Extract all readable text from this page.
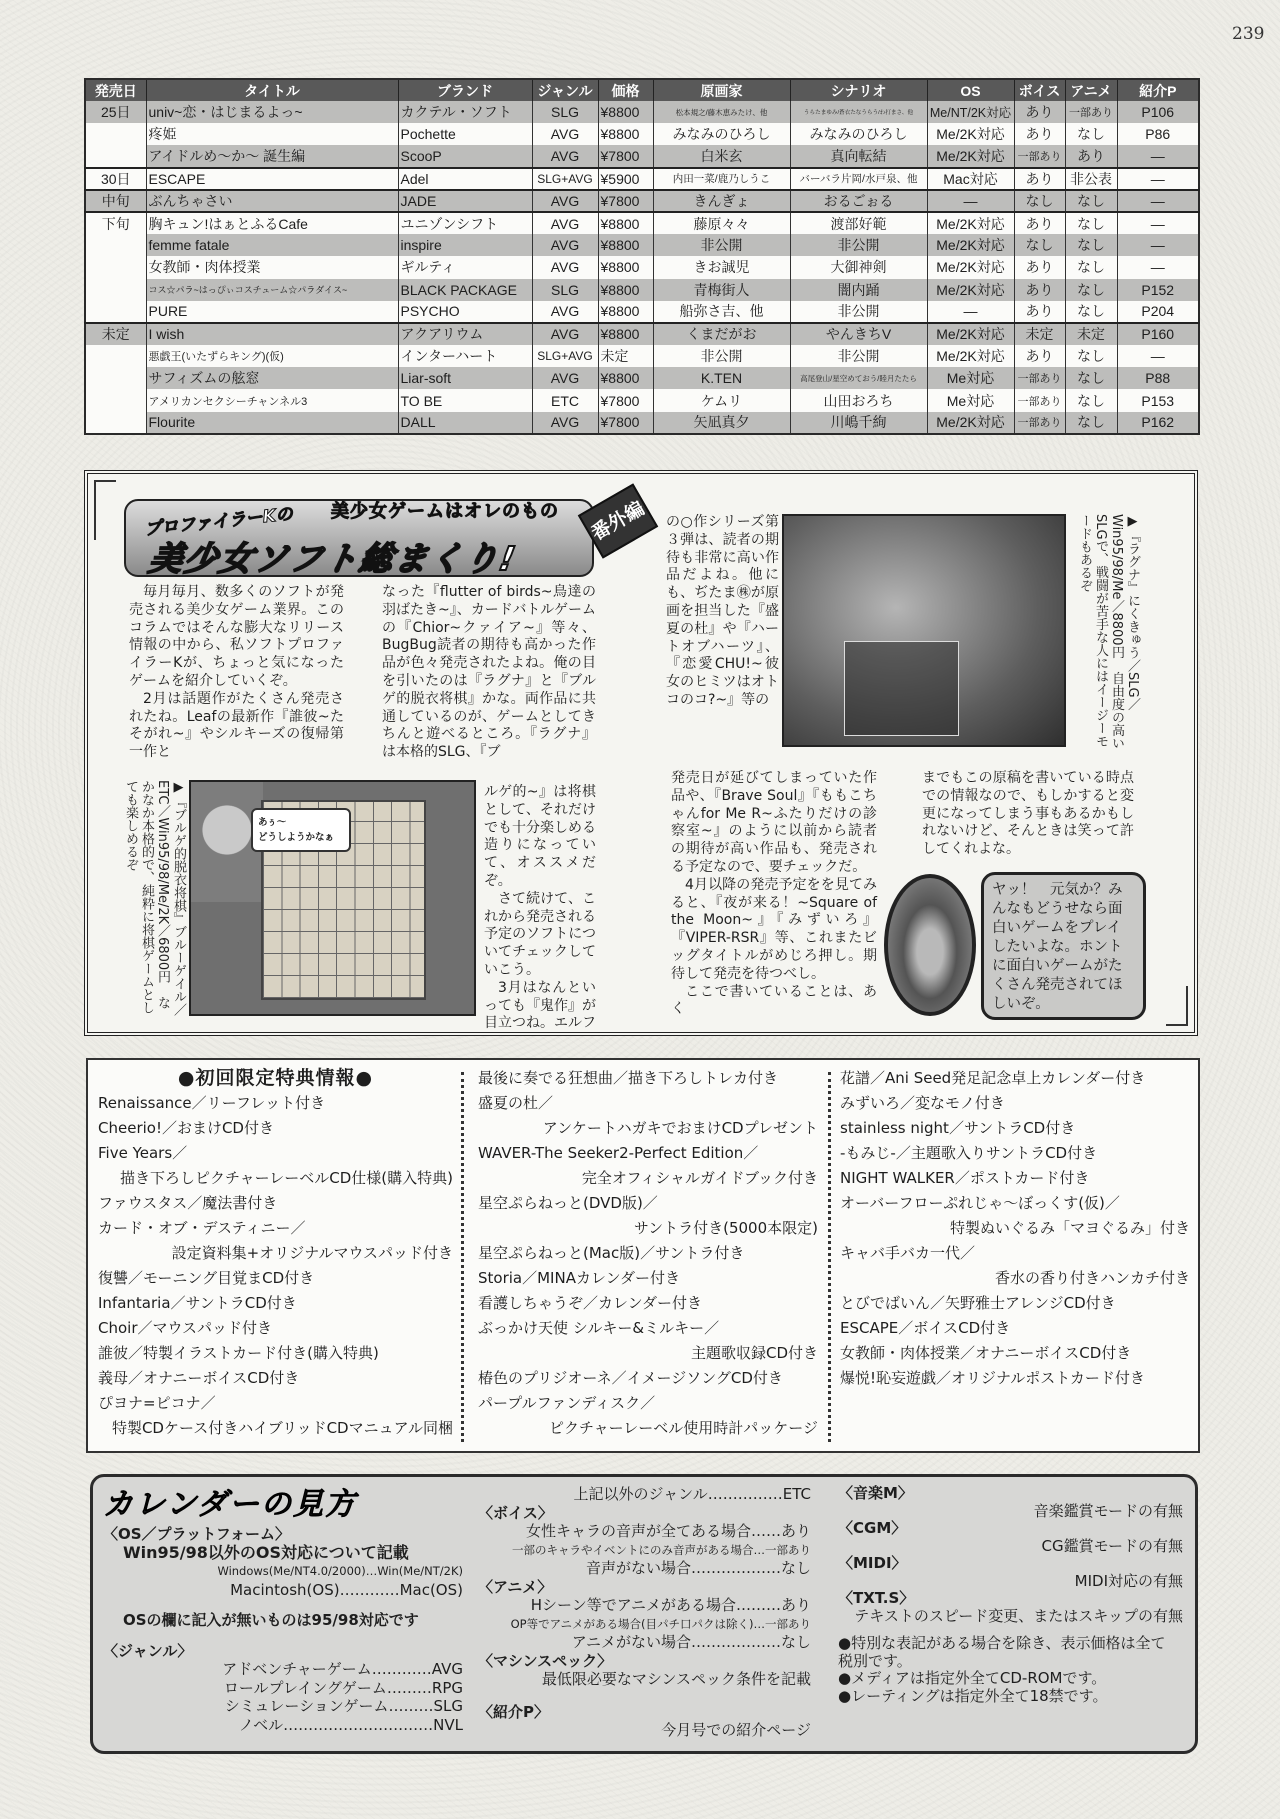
239
発売日	タイトル	ブランド	ジャンル	価格	原画家	シナリオ	OS	ボイス	アニメ	紹介P
25日	univ~恋・はじまるよっ~	カクテル・ソフト	SLG	¥8800	松本規之/藤木恵みたけ、他	うらたまゆみ/蒼衣たなうらう/わ打まさ、他	Me/NT/2K対応	あり	一部あり	P106
	疼姫	Pochette	AVG	¥8800	みなみのひろし	みなみのひろし	Me/2K対応	あり	なし	P86
	アイドルめ～か～ 誕生編	ScooP	AVG	¥7800	白米玄	真向転結	Me/2K対応	一部あり	あり	—
30日	ESCAPE	Adel	SLG+AVG	¥5900	内田一菜/鹿乃しうこ	バーバラ片岡/水戸泉、他	Mac対応	あり	非公表	—
中旬	ぶんちゃさい	JADE	AVG	¥7800	きんぎょ	おるごぉる	—	なし	なし	—
下旬	胸キュン!はぁとふるCafe	ユニゾンシフト	AVG	¥8800	藤原々々	渡部好範	Me/2K対応	あり	なし	—
	femme fatale	inspire	AVG	¥8800	非公開	非公開	Me/2K対応	なし	なし	—
	女教師・肉体授業	ギルティ	AVG	¥8800	きお誠児	大御神剣	Me/2K対応	あり	なし	—
	コス☆パラ~はっぴぃコスチューム☆パラダイス~	BLACK PACKAGE	SLG	¥8800	青梅街人	闇内踊	Me/2K対応	あり	なし	P152
	PURE	PSYCHO	AVG	¥8800	船弥さ吉、他	非公開	—	あり	なし	P204
未定	I wish	アクアリウム	AVG	¥8800	くまだがお	やんきちV	Me/2K対応	未定	未定	P160
	悪戯王(いたずらキング)(仮)	インターハート	SLG+AVG	未定	非公開	非公開	Me/2K対応	あり	なし	—
	サフィズムの舷窓	Liar-soft	AVG	¥8800	K.TEN	高尾登山/星空めておう/睦月たたら	Me対応	一部あり	なし	P88
	アメリカンセクシーチャンネル3	TO BE	ETC	¥7800	ケムリ	山田おろち	Me対応	一部あり	なし	P153
	Flourite	DALL	AVG	¥7800	矢凪真夕	川嶋千絢	Me/2K対応	一部あり	なし	P162
プロファイラーKの 美少女ゲームはオレのもの
美少女ソフト総まくり!
番外編

毎月毎月、数多くのソフトが発売される美少女ゲーム業界。このコラムではそんな膨大なリリース情報の中から、私ソフトプロファイラーKが、ちょっと気になったゲームを紹介していくぞ。

2月は話題作がたくさん発売されたね。Leafの最新作『誰彼~たそがれ~』やシルキーズの復帰第一作と

なった『flutter of birds~鳥達の羽ばたき~』、カードバトルゲームの『Chior~クァイア~』等々、BugBug読者の期待も高かった作品が色々発売されたよね。俺の目を引いたのは『ラグナ』と『ブルゲ的脱衣将棋』かな。両作品に共通しているのが、ゲームとしてきちんと遊べるところ。『ラグナ』は本格的SLG、『ブ

▶『ブルゲ的脱衣将棋』ブルーゲイル／ETC／Win95/98/Me/2K／6800円　なかなか本格的で、純粋に将棋ゲームとしても楽しめるぞ	あぅ～
どうしようかなぁ

ルゲ的~』は将棋として、それだけでも十分楽しめる造りになっていて、オススメだぞ。

さて続けて、これから発売される予定のソフトについてチェックしていこう。

3月はなんといっても『鬼作』が目立つね。エルフ

の○作シリーズ第３弾は、読者の期待も非常に高い作品だよね。他にも、ぢたま㊑が原画を担当した『盛夏の杜』や『ハートオブハーツ』、『恋愛CHU!~彼女のヒミツはオトコのコ?~』等の	▶『ラグナ』にくきゅう／SLG／Win95/98/Me／8800円　自由度の高いSLGで、戦闘が苦手な人にはイージーモードもあるぞ

発売日が延びてしまっていた作品や、『Brave Soul』『ももこちゃんfor Me R~ふたりだけの診察室~』のように以前から読者の期待が高い作品も、発売される予定なので、要チェックだ。

4月以降の発売予定をを見てみると、『夜が来る！~Square of the Moon~』『みずいろ』『VIPER-RSR』等、これまたビッグタイトルがめじろ押し。期待して発売を待つべし。

ここで書いていることは、あく

までもこの原稿を書いている時点での情報なので、もしかすると変更になってしまう事もあるかもしれないけど、そんときは笑って許してくれよな。

ヤッ！　元気か？みんなもどうせなら面白いゲームをプレイしたいよな。ホントに面白いゲームがたくさん発売されてほしいぞ。
●初回限定特典情報●
Renaissance／リーフレット付き
Cheerio!／おまけCD付き
Five Years／
描き下ろしピクチャーレーベルCD仕様(購入特典)
ファウスタス／魔法書付き
カード・オブ・デスティニー／
設定資料集+オリジナルマウスパッド付き
復讐／モーニング目覚まCD付き
Infantaria／サントラCD付き
Choir／マウスパッド付き
誰彼／特製イラストカード付き(購入特典)
義母／オナニーボイスCD付き
ぴヨナ=ピコナ／
特製CDケース付きハイブリッドCDマニュアル同梱
最後に奏でる狂想曲／描き下ろしトレカ付き
盛夏の杜／
アンケートハガキでおまけCDプレゼント
WAVER-The Seeker2-Perfect Edition／
完全オフィシャルガイドブック付き
星空ぷらねっと(DVD版)／
サントラ付き(5000本限定)
星空ぷらねっと(Mac版)／サントラ付き
Storia／MINAカレンダー付き
看護しちゃうぞ／カレンダー付き
ぶっかけ天使 シルキー&ミルキー／
主題歌収録CD付き
椿色のプリジオーネ／イメージソングCD付き
パープルファンディスク／
ピクチャーレーベル使用時計パッケージ
花譜／Ani Seed発足記念卓上カレンダー付き
みずいろ／変なモノ付き
stainless night／サントラCD付き
-もみじ-／主題歌入りサントラCD付き
NIGHT WALKER／ポストカード付き
オーバーフローぷれじゃ～ぼっくす(仮)／
特製ぬいぐるみ「マヨぐるみ」付き
キャバ手バカ一代／
香水の香り付きハンカチ付き
とびでばいん／矢野雅士アレンジCD付き
ESCAPE／ボイスCD付き
女教師・肉体授業／オナニーボイスCD付き
爆悦!恥妄遊戯／オリジナルポストカード付き
カレンダーの見方
〈OS／プラットフォーム〉
Win95/98以外のOS対応について記載
Windows(Me/NT4.0/2000)…Win(Me/NT/2K)
Macintosh(OS)…………Mac(OS)
OSの欄に記入が無いものは95/98対応です
〈ジャンル〉
アドベンチャーゲーム…………AVG
ロールプレイングゲーム………RPG
シミュレーションゲーム………SLG
ノベル…………………………NVL
上記以外のジャンル……………ETC
〈ボイス〉
女性キャラの音声が全てある場合……あり
一部のキャラやイベントにのみ音声がある場合…一部あり
音声がない場合………………なし
〈アニメ〉
Hシーン等でアニメがある場合………あり
OP等でアニメがある場合(目パチ口パクは除く)…一部あり
アニメがない場合………………なし
〈マシンスペック〉
最低限必要なマシンスペック条件を記載
〈紹介P〉
今月号での紹介ページ
〈音楽M〉
音楽鑑賞モードの有無
〈CGM〉
CG鑑賞モードの有無
〈MIDI〉
MIDI対応の有無
〈TXT.S〉
テキストのスピード変更、またはスキップの有無
●特別な表記がある場合を除き、表示価格は全て税別です。
●メディアは指定外全てCD-ROMです。
●レーティングは指定外全て18禁です。
